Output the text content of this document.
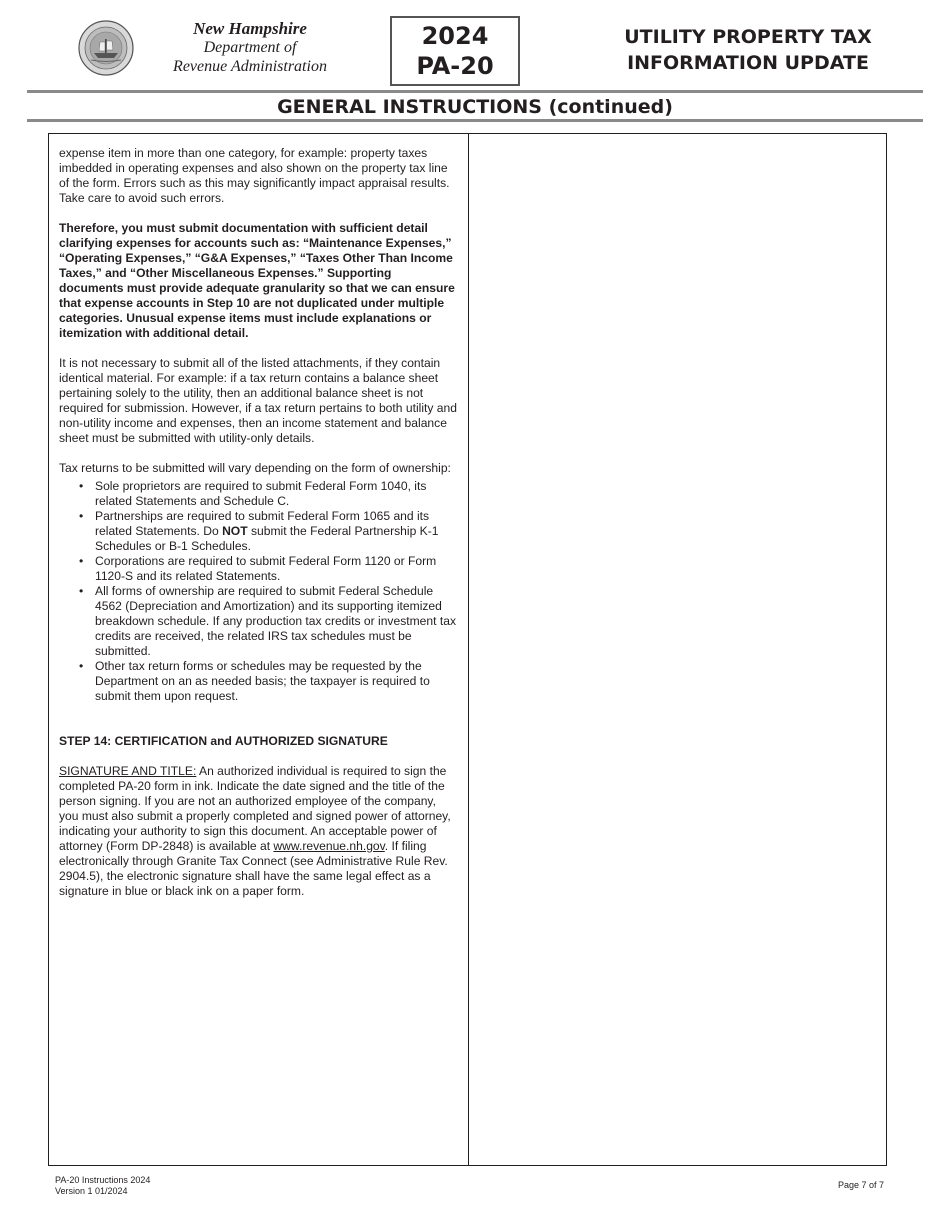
New Hampshire
Department of
Revenue Administration
2024
PA-20
UTILITY PROPERTY TAX
INFORMATION UPDATE
GENERAL INSTRUCTIONS (continued)

expense item in more than one category, for example: property taxes imbedded in operating expenses and also shown on the property tax line of the form. Errors such as this may significantly impact appraisal results. Take care to avoid such errors.

Therefore, you must submit documentation with sufficient detail clarifying expenses for accounts such as: “Maintenance Expenses,” “Operating Expenses,” “G&A Expenses,” “Taxes Other Than Income Taxes,” and “Other Miscellaneous Expenses.” Supporting documents must provide adequate granularity so that we can ensure that expense accounts in Step 10 are not duplicated under multiple categories. Unusual expense items must include explanations or itemization with additional detail.

It is not necessary to submit all of the listed attachments, if they contain identical material. For example: if a tax return contains a balance sheet pertaining solely to the utility, then an additional balance sheet is not required for submission. However, if a tax return pertains to both utility and non-utility income and expenses, then an income statement and balance sheet must be submitted with utility-only details.

Tax returns to be submitted will vary depending on the form of ownership:

• Sole proprietors are required to submit Federal Form 1040, its related Statements and Schedule C.
• Partnerships are required to submit Federal Form 1065 and its related Statements. Do NOT submit the Federal Partnership K-1 Schedules or B-1 Schedules.
• Corporations are required to submit Federal Form 1120 or Form 1120-S and its related Statements.
• All forms of ownership are required to submit Federal Schedule 4562 (Depreciation and Amortization) and its supporting itemized breakdown schedule. If any production tax credits or investment tax credits are received, the related IRS tax schedules must be submitted.
• Other tax return forms or schedules may be requested by the Department on an as needed basis; the taxpayer is required to submit them upon request.
STEP 14: CERTIFICATION and AUTHORIZED SIGNATURE

SIGNATURE AND TITLE: An authorized individual is required to sign the completed PA-20 form in ink. Indicate the date signed and the title of the person signing. If you are not an authorized employee of the company, you must also submit a properly completed and signed power of attorney, indicating your authority to sign this document. An acceptable power of attorney (Form DP-2848) is available at www.revenue.nh.gov. If filing electronically through Granite Tax Connect (see Administrative Rule Rev. 2904.5), the electronic signature shall have the same legal effect as a signature in blue or black ink on a paper form.

PA-20 Instructions 2024
Version 1 01/2024
Page 7 of 7
